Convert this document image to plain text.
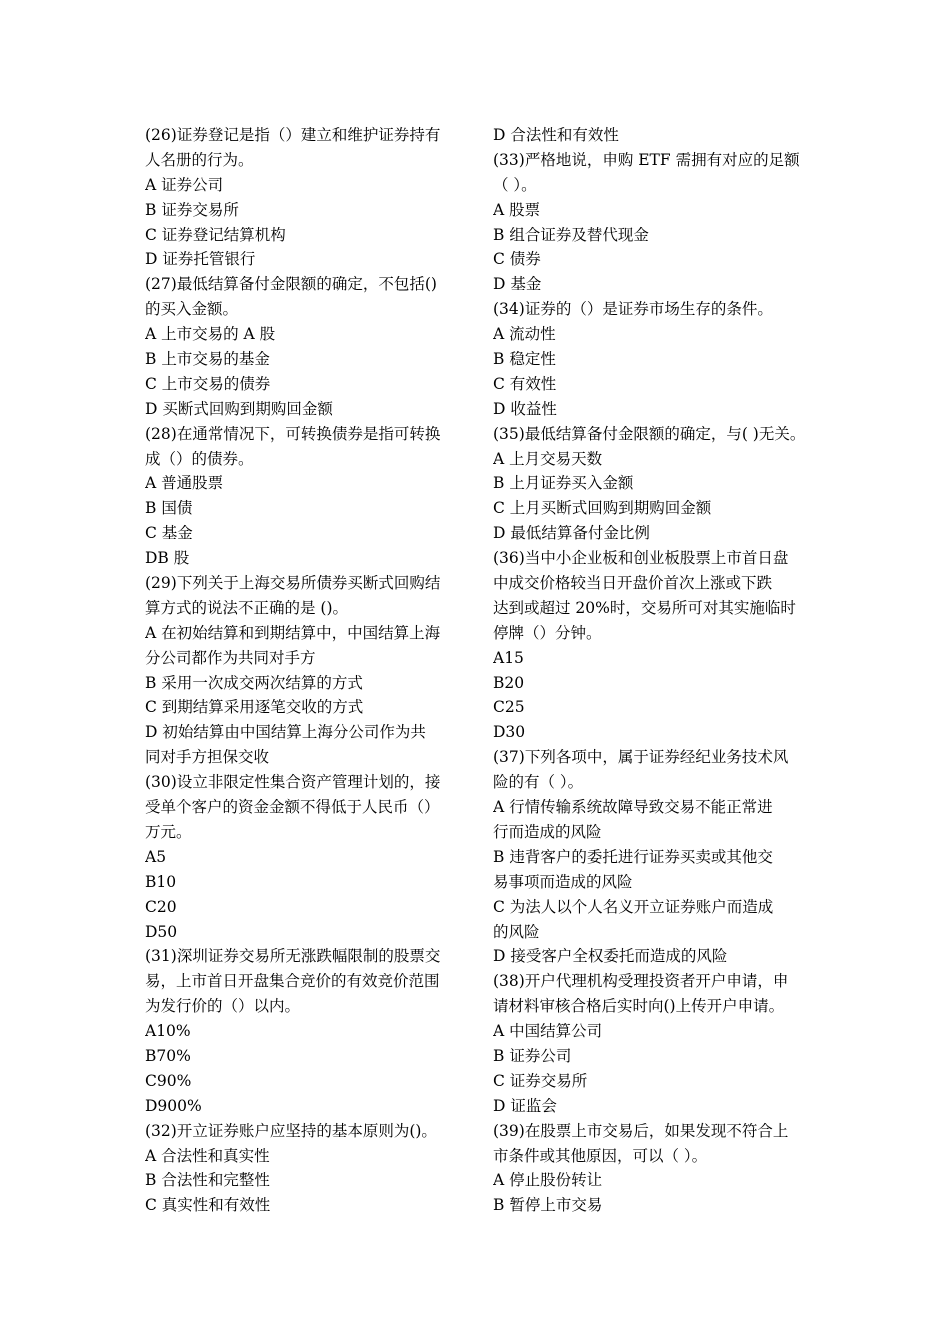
(26)证券登记是指（）建立和维护证券持有
人名册的行为。
A 证券公司
B 证券交易所
C 证券登记结算机构
D 证券托管银行
(27)最低结算备付金限额的确定，不包括()
的买入金额。
A 上市交易的 A 股
B 上市交易的基金
C 上市交易的债券
D 买断式回购到期购回金额
(28)在通常情况下，可转换债券是指可转换
成（）的债券。
A 普通股票
B 国债
C 基金
DB 股
(29)下列关于上海交易所债券买断式回购结
算方式的说法不正确的是 ()。
A 在初始结算和到期结算中，中国结算上海
分公司都作为共同对手方
B 采用一次成交两次结算的方式
C 到期结算采用逐笔交收的方式
D 初始结算由中国结算上海分公司作为共
同对手方担保交收
(30)设立非限定性集合资产管理计划的，接
受单个客户的资金金额不得低于人民币（）
万元。
A5
B10
C20
D50
(31)深圳证券交易所无涨跌幅限制的股票交
易，上市首日开盘集合竞价的有效竞价范围
为发行价的（）以内。
A10%
B70%
C90%
D900%
(32)开立证券账户应坚持的基本原则为()。
A 合法性和真实性
B 合法性和完整性
C 真实性和有效性
D 合法性和有效性
(33)严格地说，申购 ETF 需拥有对应的足额
（ ）。
A 股票
B 组合证券及替代现金
C 债券
D 基金
(34)证券的（）是证券市场生存的条件。
A 流动性
B 稳定性
C 有效性
D 收益性
(35)最低结算备付金限额的确定，与( )无关。
A 上月交易天数
B 上月证券买入金额
C 上月买断式回购到期购回金额
D 最低结算备付金比例
(36)当中小企业板和创业板股票上市首日盘
中成交价格较当日开盘价首次上涨或下跌
达到或超过 20%时，交易所可对其实施临时
停牌（）分钟。
A15
B20
C25
D30
(37)下列各项中，属于证券经纪业务技术风
险的有（ ）。
A 行情传输系统故障导致交易不能正常进
行而造成的风险
B 违背客户的委托进行证券买卖或其他交
易事项而造成的风险
C 为法人以个人名义开立证券账户而造成
的风险
D 接受客户全权委托而造成的风险
(38)开户代理机构受理投资者开户申请，申
请材料审核合格后实时向()上传开户申请。
A 中国结算公司
B 证券公司
C 证券交易所
D 证监会
(39)在股票上市交易后，如果发现不符合上
市条件或其他原因，可以（ ）。
A 停止股份转让
B 暂停上市交易
